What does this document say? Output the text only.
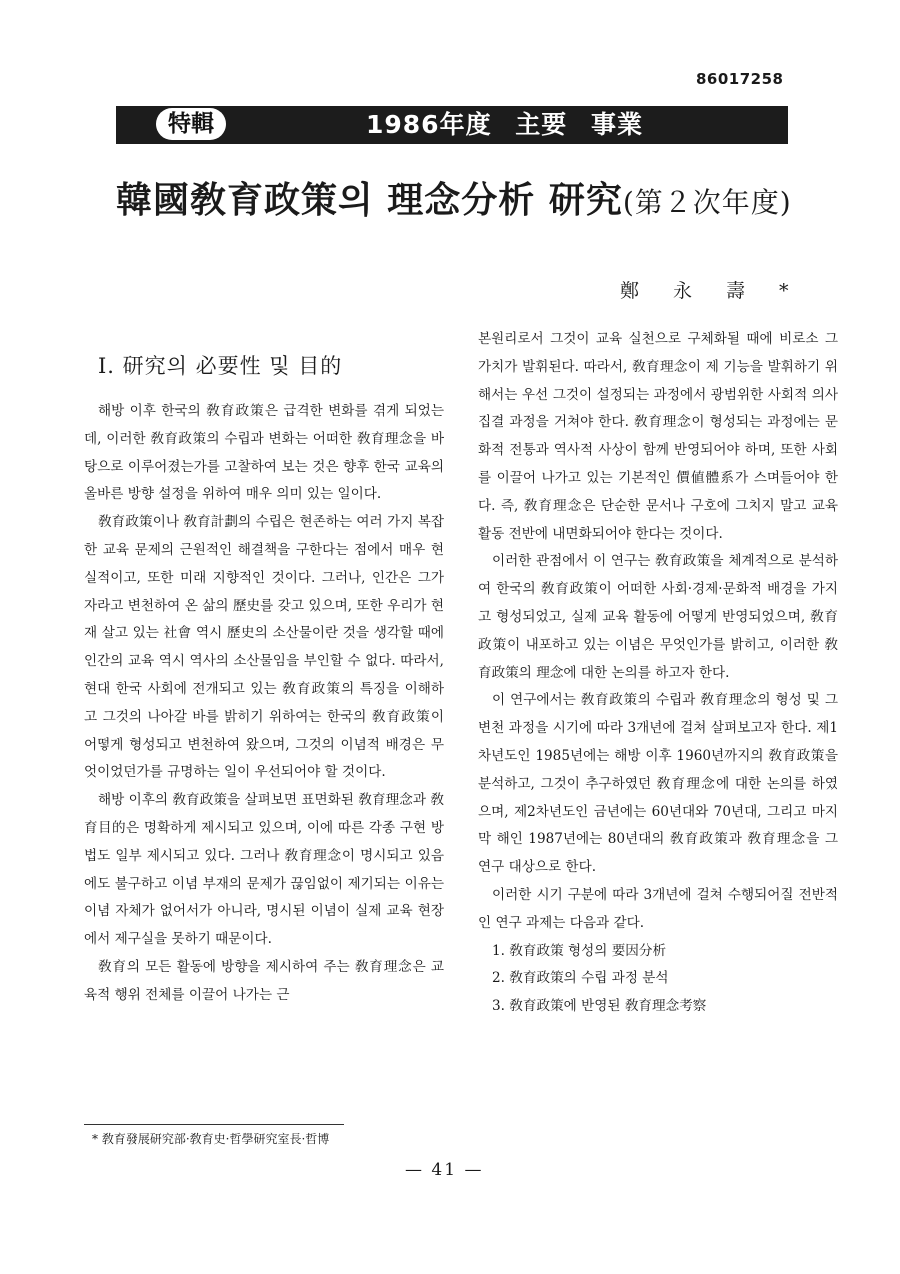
86017258
特輯	1986年度 主要 事業
韓國敎育政策의 理念分析 研究(第２次年度)
鄭永壽*
Ⅰ. 研究의 必要性 및 目的

해방 이후 한국의 敎育政策은 급격한 변화를 겪게 되었는데, 이러한 敎育政策의 수립과 변화는 어떠한 敎育理念을 바탕으로 이루어졌는가를 고찰하여 보는 것은 향후 한국 교육의 올바른 방향 설정을 위하여 매우 의미 있는 일이다.

敎育政策이나 敎育計劃의 수립은 현존하는 여러 가지 복잡한 교육 문제의 근원적인 해결책을 구한다는 점에서 매우 현실적이고, 또한 미래 지향적인 것이다. 그러나, 인간은 그가 자라고 변천하여 온 삶의 歷史를 갖고 있으며, 또한 우리가 현재 살고 있는 社會 역시 歷史의 소산물이란 것을 생각할 때에 인간의 교육 역시 역사의 소산물임을 부인할 수 없다. 따라서, 현대 한국 사회에 전개되고 있는 敎育政策의 특징을 이해하고 그것의 나아갈 바를 밝히기 위하여는 한국의 敎育政策이 어떻게 형성되고 변천하여 왔으며, 그것의 이념적 배경은 무엇이었던가를 규명하는 일이 우선되어야 할 것이다.

해방 이후의 敎育政策을 살펴보면 표면화된 敎育理念과 敎育目的은 명확하게 제시되고 있으며, 이에 따른 각종 구현 방법도 일부 제시되고 있다. 그러나 敎育理念이 명시되고 있음에도 불구하고 이념 부재의 문제가 끊임없이 제기되는 이유는 이념 자체가 없어서가 아니라, 명시된 이념이 실제 교육 현장에서 제구실을 못하기 때문이다.

敎育의 모든 활동에 방향을 제시하여 주는 敎育理念은 교육적 행위 전체를 이끌어 나가는 근

본원리로서 그것이 교육 실천으로 구체화될 때에 비로소 그 가치가 발휘된다. 따라서, 敎育理念이 제 기능을 발휘하기 위해서는 우선 그것이 설정되는 과정에서 광범위한 사회적 의사 집결 과정을 거쳐야 한다. 敎育理念이 형성되는 과정에는 문화적 전통과 역사적 사상이 함께 반영되어야 하며, 또한 사회를 이끌어 나가고 있는 기본적인 價値體系가 스며들어야 한다. 즉, 敎育理念은 단순한 문서나 구호에 그치지 말고 교육활동 전반에 내면화되어야 한다는 것이다.

이러한 관점에서 이 연구는 敎育政策을 체계적으로 분석하여 한국의 敎育政策이 어떠한 사회·경제·문화적 배경을 가지고 형성되었고, 실제 교육 활동에 어떻게 반영되었으며, 敎育政策이 내포하고 있는 이념은 무엇인가를 밝히고, 이러한 敎育政策의 理念에 대한 논의를 하고자 한다.

이 연구에서는 敎育政策의 수립과 敎育理念의 형성 및 그 변천 과정을 시기에 따라 3개년에 걸쳐 살펴보고자 한다. 제1차년도인 1985년에는 해방 이후 1960년까지의 敎育政策을 분석하고, 그것이 추구하였던 敎育理念에 대한 논의를 하였으며, 제2차년도인 금년에는 60년대와 70년대, 그리고 마지막 해인 1987년에는 80년대의 敎育政策과 敎育理念을 그 연구 대상으로 한다.

이러한 시기 구분에 따라 3개년에 걸쳐 수행되어질 전반적인 연구 과제는 다음과 같다.

1. 敎育政策 형성의 要因分析
2. 敎育政策의 수립 과정 분석
3. 敎育政策에 반영된 敎育理念考察
* 敎育發展研究部·敎育史·哲學研究室長·哲博
— 41 —
